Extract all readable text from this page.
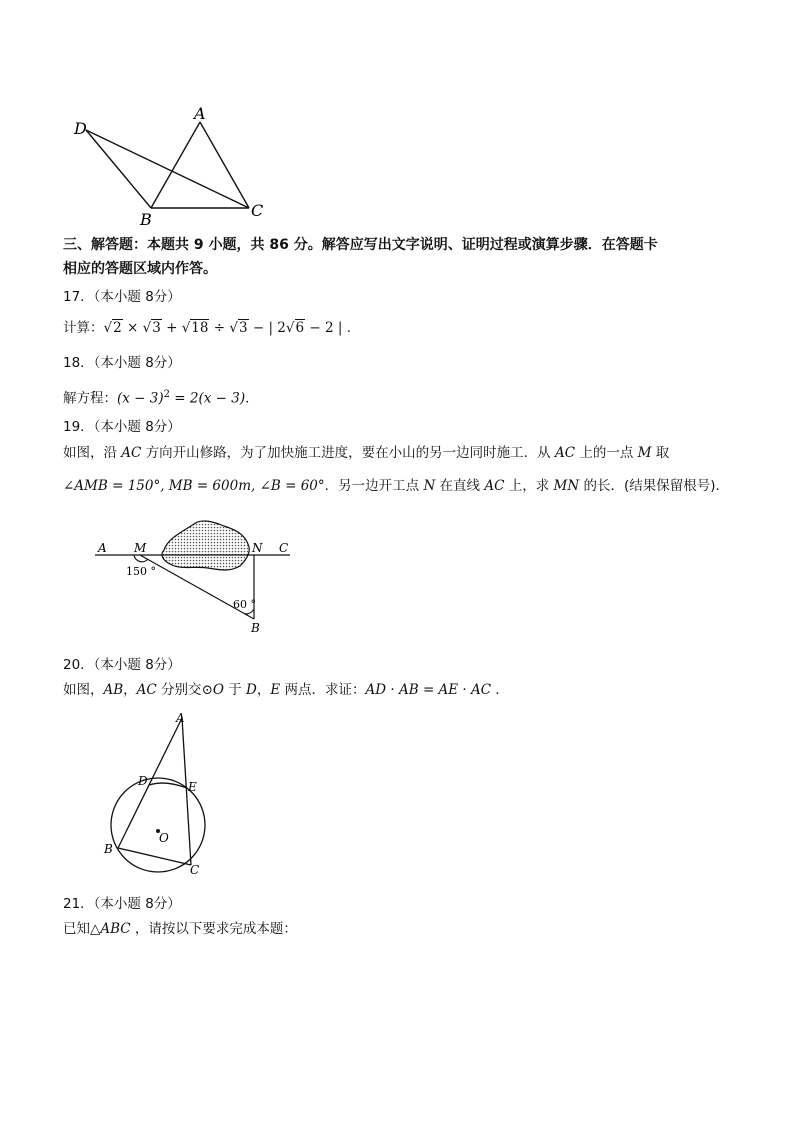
D
A
B	C
三、解答题：本题共 9 小题，共 86 分。解答应写出文字说明、证明过程或演算步骤．在答题卡
相应的答题区域内作答。
17．（本小题 8分）
计算：√2 × √3 + √18 ÷ √3 − | 2√6 − 2 | .
18．（本小题 8分）
解方程：$(x - 3)^2 = 2(x - 3)$．
19．（本小题 8分）
如图，沿 AC 方向开山修路，为了加快施工进度，要在小山的另一边同时施工．从 AC 上的一点 M 取
∠AMB = 150°, MB = 600m, ∠B = 60°．另一边开工点 N 在直线 AC 上，求 MN 的长．(结果保留根号)．
A M	N C
150 °
60 °
B
20．（本小题 8分）
如图，AB，AC 分别交⊙O 于 D，E 两点．求证：AD · AB = AE · AC ．
A
D	E
O
B
C
21．（本小题 8分）
已知△ABC ，请按以下要求完成本题：
